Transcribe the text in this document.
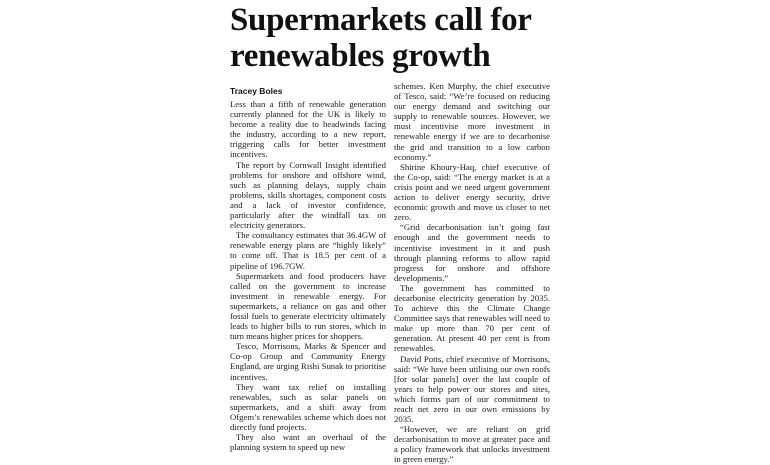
Supermarkets call for
renewables growth
Tracey Boles

Less than a fifth of renewable generation currently planned for the UK is likely to become a reality due to headwinds facing the industry, according to a new report, triggering calls for better investment incentives.

The report by Cornwall Insight identified problems for onshore and offshore wind, such as planning delays, supply chain problems, skills shortages, component costs and a lack of investor confidence, particularly after the windfall tax on electricity generators.

The consultancy estimates that 36.4GW of renewable energy plans are “highly likely” to come off. That is 18.5 per cent of a pipeline of 196.7GW.

Supermarkets and food producers have called on the government to increase investment in renewable energy. For supermarkets, a reliance on gas and other fossil fuels to generate electricity ultimately leads to higher bills to run stores, which in turn means higher prices for shoppers.

Tesco, Morrisons, Marks & Spencer and Co-op Group and Community Energy England, are urging Rishi Sunak to prioritise incentives.

They want tax relief on installing renewables, such as solar panels on supermarkets, and a shift away from Ofgem’s renewables scheme which does not directly fund projects.

They also want an overhaul of the planning system to speed up new

schemes. Ken Murphy, the chief executive of Tesco, said: “We’re focused on reducing our energy demand and switching our supply to renewable sources. However, we must incentivise more investment in renewable energy if we are to decarbonise the grid and transition to a low carbon economy.”

Shirine Khoury-Haq, chief executive of the Co-op, said: “The energy market is at a crisis point and we need urgent government action to deliver energy security, drive economic growth and move us closer to net zero.

“Grid decarbonisation isn’t going fast enough and the government needs to incentivise investment in it and push through planning reforms to allow rapid progress for onshore and offshore developments.”

The government has committed to decarbonise electricity generation by 2035. To achieve this the Climate Change Committee says that renewables will need to make up more than 70 per cent of generation. At present 40 per cent is from renewables.

David Potts, chief executive of Morrisons, said: “We have been utilising our own roofs [for solar panels] over the last couple of years to help power our stores and sites, which forms part of our commitment to reach net zero in our own emissions by 2035.

“However, we are reliant on grid decarbonisation to move at greater pace and a policy framework that unlocks investment in green energy.”
